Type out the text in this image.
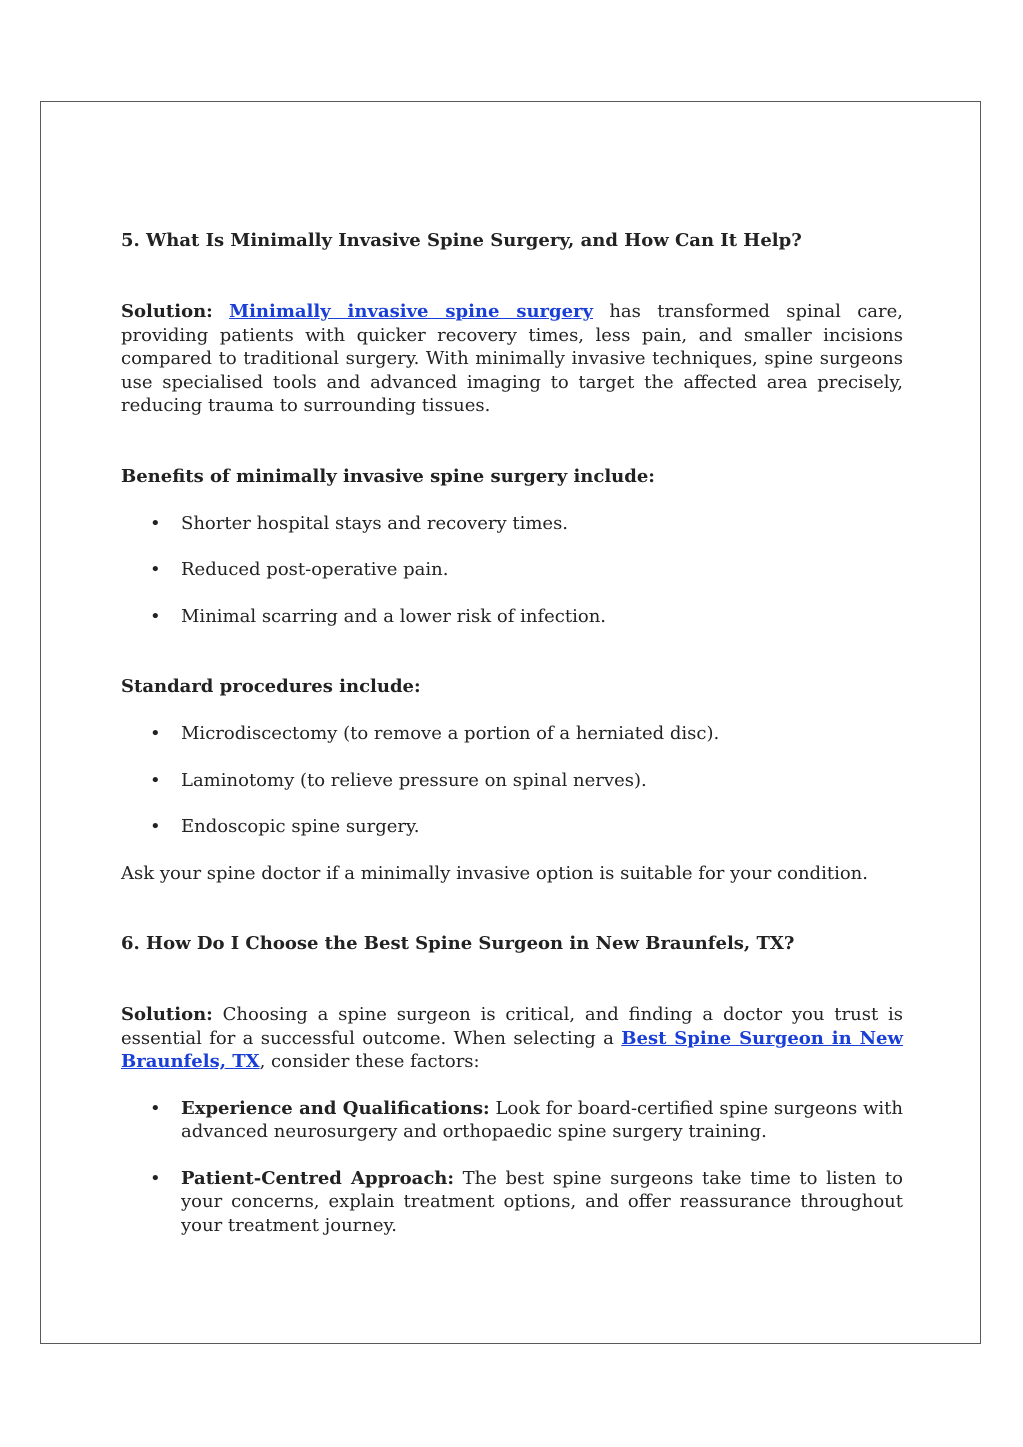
5. What Is Minimally Invasive Spine Surgery, and How Can It Help?

Solution: Minimally invasive spine surgery has transformed spinal care, providing patients with quicker recovery times, less pain, and smaller incisions compared to traditional surgery. With minimally invasive techniques, spine surgeons use specialised tools and advanced imaging to target the affected area precisely, reducing trauma to surrounding tissues.

Benefits of minimally invasive spine surgery include:
• Shorter hospital stays and recovery times.
• Reduced post-operative pain.
• Minimal scarring and a lower risk of infection.
Standard procedures include:
• Microdiscectomy (to remove a portion of a herniated disc).
• Laminotomy (to relieve pressure on spinal nerves).
• Endoscopic spine surgery.

Ask your spine doctor if a minimally invasive option is suitable for your condition.

6. How Do I Choose the Best Spine Surgeon in New Braunfels, TX?

Solution: Choosing a spine surgeon is critical, and finding a doctor you trust is essential for a successful outcome. When selecting a Best Spine Surgeon in New Braunfels, TX, consider these factors:

• Experience and Qualifications: Look for board-certified spine surgeons with advanced neurosurgery and orthopaedic spine surgery training.
• Patient-Centred Approach: The best spine surgeons take time to listen to your concerns, explain treatment options, and offer reassurance throughout your treatment journey.
